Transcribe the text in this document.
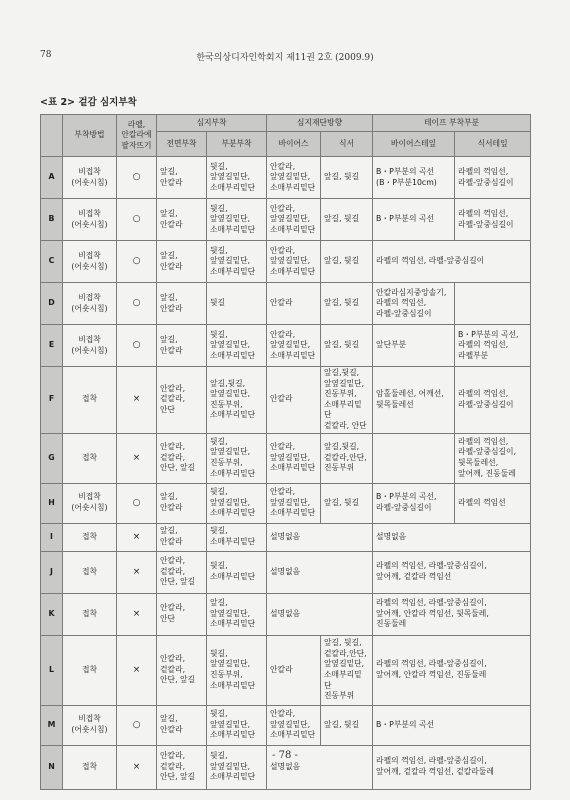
78	한국의상디자인학회지 제11권 2호 (2009.9)
<표 2> 겉감 심지부착
	부착방법	라펠,
안칼라에
팔자뜨기	심지부착		심지재단방향		테이프 부착부분	
			전면부착	부분부착	바이어스	식서	바이어스테잎	식서테잎
A	비접착
(어숏시침)	○	앞길,
안칼라	뒷길,
앞옆길밑단,
소매부리밑단	안칼라,
앞옆길밑단,
소매부리밑단	앞길, 뒷길	B・P부분의 곡선
(B・P부분10cm)	라펠의 꺽임선,
라펠-앞중심길이
B	비접착
(어숏시침)	○	앞길,
안칼라	뒷길,
앞옆길밑단,
소매부리밑단	안칼라,
앞옆길밑단,
소매부리밑단	앞길, 뒷길	B・P부분의 곡선	라펠의 꺽임선,
라펠-앞중심길이
C	비접착
(어숏시침)	○	앞길,
안칼라	뒷길,
앞옆길밑단,
소매부리밑단	안칼라,
앞옆길밑단,
소매부리밑단	앞길, 뒷길	라펠의 꺽임선, 라펠-앞중심길이	
D	비접착
(어숏시침)	○	앞길,
안칼라	뒷길	안칼라	앞길, 뒷길	안칼라심지중앙솔기,
라펠의 꺽임선,
라펠-앞중심길이	
E	비접착
(어숏시침)	○	앞길,
안칼라	뒷길,
앞옆길밑단,
소매부리밑단	안칼라,
앞옆길밑단,
소매부리밑단	앞길, 뒷길	앞단부분	B・P부분의 곡선,
라펠의 꺽임선,
라펠부분
F	접착	×	안칼라,
겉칼라,
안단	앞길,뒷길,
앞옆길밑단,
진동부위,
소매부리밑단	안칼라	앞길,뒷길,
앞옆길밑단,
진동부위,
소매부리밑단
겉칼라, 안단	암홀둘레선, 어깨선,
뒷목둘레선	라펠의 꺽임선,
라펠-앞중심길이
G	접착	×	안칼라,
겉칼라,
안단, 앞길	뒷길,
앞옆길밑단,
진동부위,
소매부리밑단	안칼라,
앞옆길밑단,
소매부리밑단	앞길,뒷길,
겉칼라,안단,
진동부위		라펠의 꺽임선,
라펠-앞중심길이,
뒷목둘레선,
앞어깨, 진동둘레
H	비접착
(어숏시침)	○	앞길,
안칼라	뒷길,
앞옆길밑단,
소매부리밑단	안칼라,
앞옆길밑단,
소매부리밑단	앞길, 뒷길	B・P부분의 곡선,
라펠-앞중심길이	라펠의 꺽임선
I	접착	×	앞길,
안칼라	뒷길,
소매부리밑단	설명없음		설명없음	
J	접착	×	안칼라,
겉칼라,
안단, 앞길	뒷길,
소매부리밑단	설명없음		라펠의 꺽임선, 라펠-앞중심길이,
앞어깨, 겉칼라 꺽임선	
K	접착	×	안칼라,
안단	앞길,
앞옆길밑단,
소매부리밑단	설명없음		라펠의 꺽임선, 라펠-앞중심길이,
앞어깨, 안칼라 꺽임선, 뒷목둘레,
진동둘레	
L	접착	×	안칼라,
겉칼라,
안단, 앞길	뒷길,
앞옆길밑단,
진동부위,
소매부리밑단	안칼라	앞길, 뒷길,
겉칼라,안단,
앞옆길밑단,
소매부리밑단
진동부위	라펠의 꺽임선, 라펠-앞중심길이,
앞어깨, 안칼라 꺽임선, 진동둘레	
M	비접착
(어숏시침)	○	앞길,
안칼라	뒷길,
앞옆길밑단,
소매부리밑단	안칼라,
앞옆길밑단,
소매부리밑단	앞길, 뒷길	B・P부분의 곡선	
N	접착	×	안칼라,
겉칼라,
안단, 앞길	뒷길,
앞옆길밑단,
소매부리밑단	설명없음		라펠의 꺽임선, 라펠-앞중심길이,
앞어깨, 겉칼라 꺽임선, 겉칼라둘레	
- 78 -
